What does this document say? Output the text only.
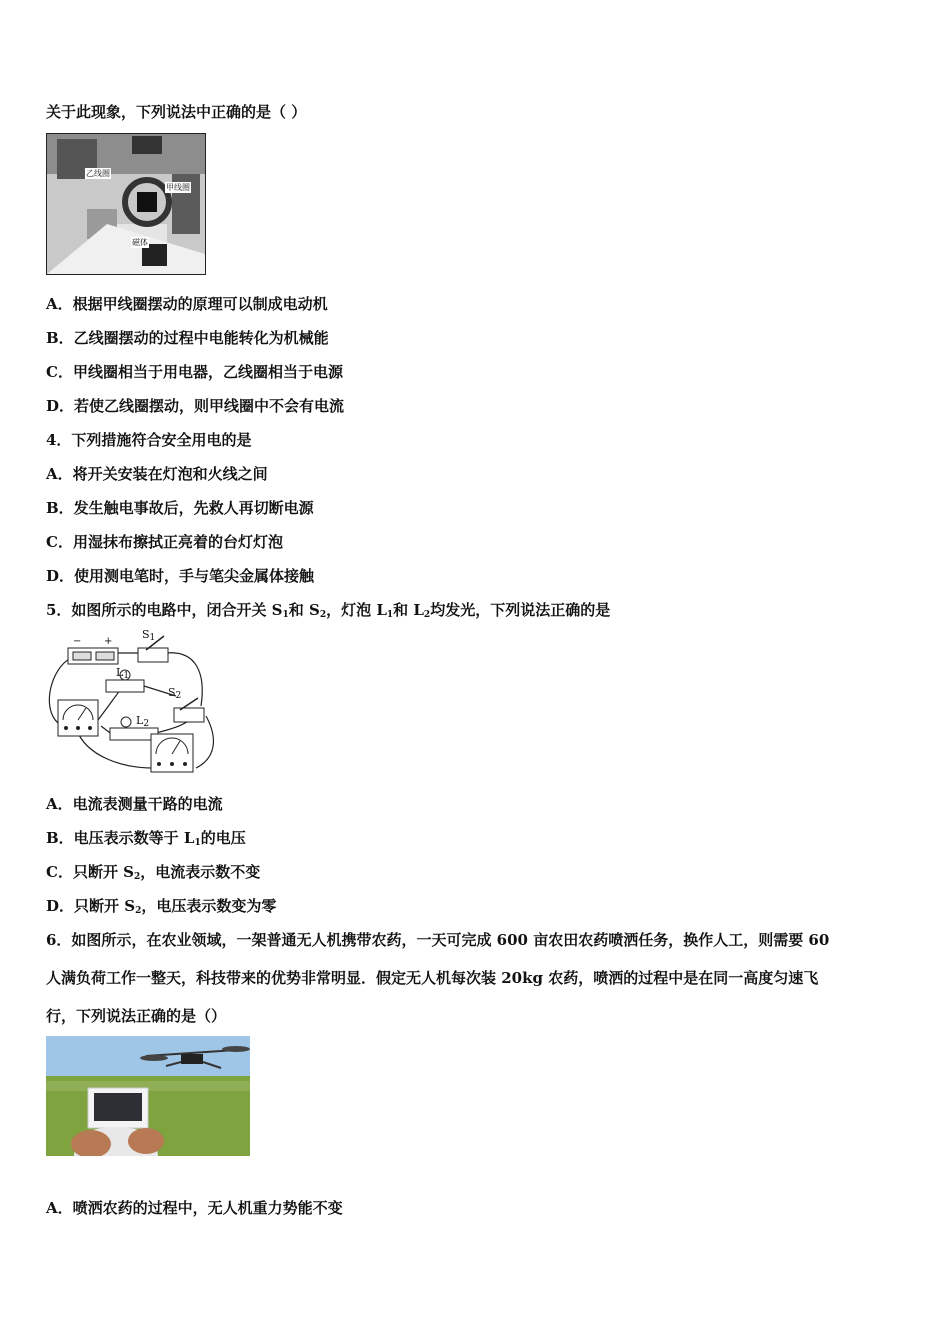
关于此现象，下列说法中正确的是（ ）
乙线圈
甲线圈
磁体
A．根据甲线圈摆动的原理可以制成电动机
B．乙线圈摆动的过程中电能转化为机械能
C．甲线圈相当于用电器，乙线圈相当于电源
D．若使乙线圈摆动，则甲线圈中不会有电流
4．下列措施符合安全用电的是
A．将开关安装在灯泡和火线之间
B．发生触电事故后，先救人再切断电源
C．用湿抹布擦拭正亮着的台灯灯泡
D．使用测电笔时，手与笔尖金属体接触
5．如图所示的电路中，闭合开关 $S_1$和 $S_2$，灯泡 $L_1$和 $L_2$均发光，下列说法正确的是
− +
$S_1$
$L_1$
$S_2$
$L_2$
A．电流表测量干路的电流
B．电压表示数等于 $L_1$的电压
C．只断开 $S_2$，电流表示数不变
D．只断开 $S_2$，电压表示数变为零
6．如图所示，在农业领域，一架普通无人机携带农药，一天可完成 600 亩农田农药喷洒任务，换作人工，则需要 60
人满负荷工作一整天，科技带来的优势非常明显．假定无人机每次装 20kg 农药，喷洒的过程中是在同一高度匀速飞
行，下列说法正确的是（）
A．喷洒农药的过程中，无人机重力势能不变
